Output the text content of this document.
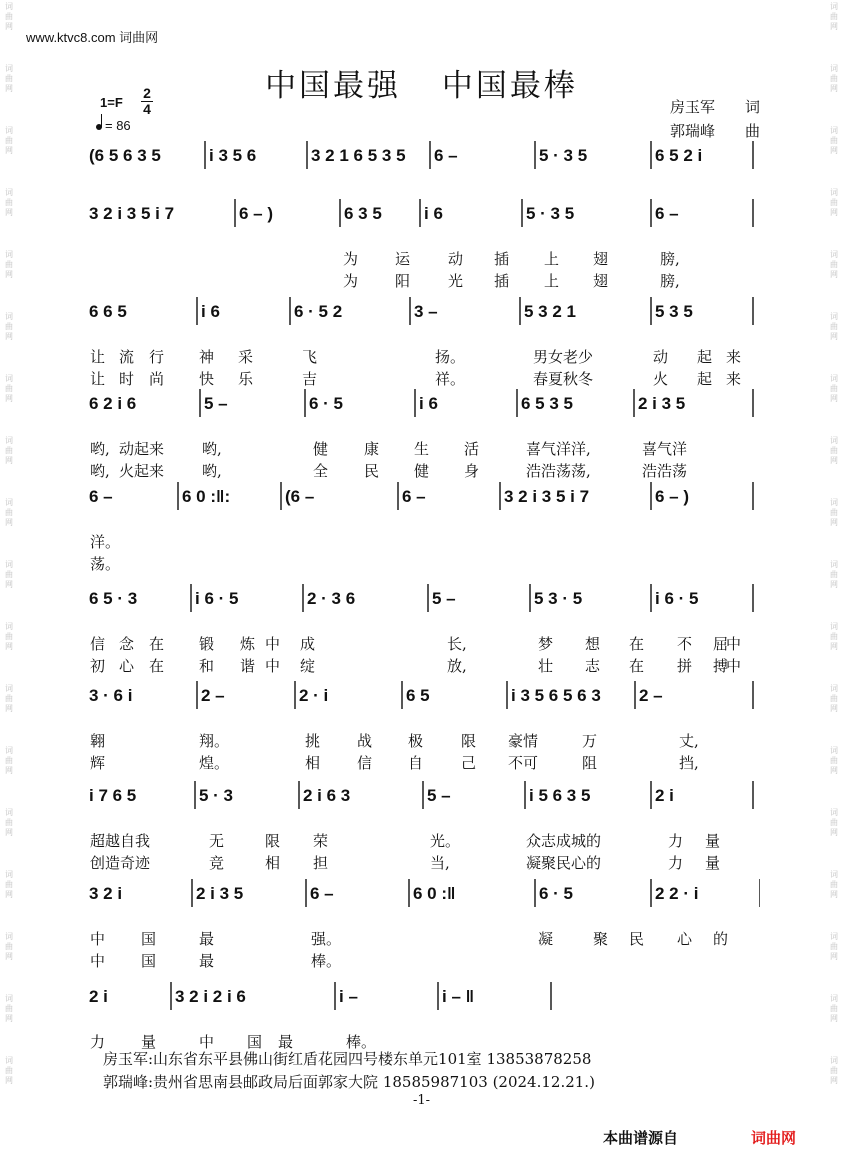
词
曲
网
词
曲
网
词
曲
网
词
曲
网
词
曲
网
词
曲
网
词
曲
网
词
曲
网
词
曲
网
词
曲
网
词
曲
网
词
曲
网
词
曲
网
词
曲
网
词
曲
网
词
曲
网
词
曲
网
词
曲
网
词
曲
网
词
曲
网
词
曲
网
词
曲
网
词
曲
网
词
曲
网
词
曲
网
词
曲
网
词
曲
网
词
曲
网
词
曲
网
词
曲
网
词
曲
网
词
曲
网
词
曲
网
词
曲
网
词
曲
网
词
曲
网
www.ktvc8.com 词曲网
中国最强 中国最棒
1=F
2
4
= 86
房玉军 词
郭瑞峰 曲
(6 5 6 3 5	i 3 5 6	3 2 1 6 5 3 5 6 –	5 · 3 5	6 5 2 i
3 2 i 3 5 i 7	6 – )	6 3 5 i 6	5 · 3 5	6 –
为 运	动 插 上 翅	膀,
为 阳	光 插 上 翅	膀,
6 6 5	i 6	6 · 5 2	3 –	5 3 2 1	5 3 5
让 流 行 神 采	飞	扬。	男女老少	动 起 来
让 时 尚 快 乐	吉	祥。	春夏秋冬	火 起 来
6 2 i 6	5 –	6 · 5	i 6	6 5 3 5	2 i 3 5
哟, 动起来	哟,	健 康 生 活	喜气洋洋,	喜气洋
哟, 火起来	哟,	全 民 健 身	浩浩荡荡,	浩浩荡
6 –	6 0 :‖:	(6 –	6 –	3 2 i 3 5 i 7	6 – )
洋。
荡。
6 5 · 3	i 6 · 5	2 · 3 6	5 –	5 3 · 5	i 6 · 5
信 念 在 锻 炼 中 成	长,	梦 想 在 不 屈
中
初 心 在 和 谐 中 绽	放,	壮 志 在 拼 搏
中
3 · 6 i	2 –	2 · i	6 5	i 3 5 6 5 6 3 2 –
翱	翔。	挑 战 极	限 豪情	万	丈,
辉	煌。	相 信 自	己 不可	阻	挡,
i 7 6 5	5 · 3	2 i 6 3	5 –	i 5 6 3 5	2 i
超越自我	无	限 荣	光。	众志成城的	力 量
创造奇迹	竞	相 担	当,	凝聚民心的	力 量
3 2 i	2 i 3 5	6 –	6 0 :‖	6 · 5	2 2 · i
中 国	最	强。	凝	聚 民 心 的
中 国	最	棒。
2 i	3 2 i 2 i 6	i –	i – ‖
力 量	中 国 最	棒。
房玉军:山东省东平县佛山街红盾花园四号楼东单元101室 13853878258
郭瑞峰:贵州省思南县邮政局后面郭家大院 18585987103 (2024.12.21.)
-1-
本曲谱源自	词曲网
